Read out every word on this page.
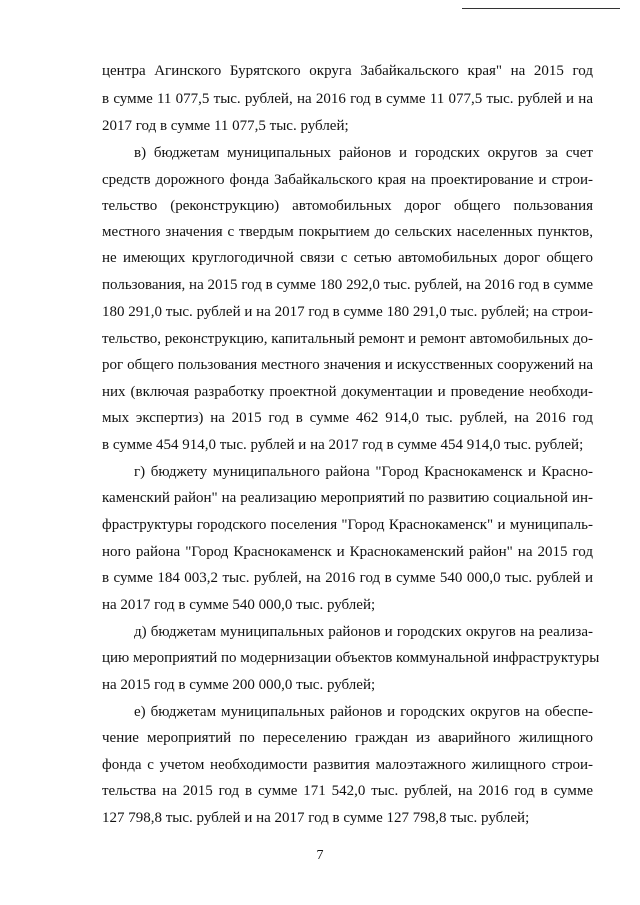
центра Агинского Бурятского округа Забайкальского края" на 2015 год
в сумме 11 077,5 тыс. рублей, на 2016 год в сумме 11 077,5 тыс. рублей и на
2017 год в сумме 11 077,5 тыс. рублей;
в) бюджетам муниципальных районов и городских округов за счет
средств дорожного фонда Забайкальского края на проектирование и строи-
тельство (реконструкцию) автомобильных дорог общего пользования
местного значения с твердым покрытием до сельских населенных пунктов,
не имеющих круглогодичной связи с сетью автомобильных дорог общего
пользования, на 2015 год в сумме 180 292,0 тыс. рублей, на 2016 год в сумме
180 291,0 тыс. рублей и на 2017 год в сумме 180 291,0 тыс. рублей; на строи-
тельство, реконструкцию, капитальный ремонт и ремонт автомобильных до-
рог общего пользования местного значения и искусственных сооружений на
них (включая разработку проектной документации и проведение необходи-
мых экспертиз) на 2015 год в сумме 462 914,0 тыс. рублей, на 2016 год
в сумме 454 914,0 тыс. рублей и на 2017 год в сумме 454 914,0 тыс. рублей;
г) бюджету муниципального района "Город Краснокаменск и Красно-
каменский район" на реализацию мероприятий по развитию социальной ин-
фраструктуры городского поселения "Город Краснокаменск" и муниципаль-
ного района "Город Краснокаменск и Краснокаменский район" на 2015 год
в сумме 184 003,2 тыс. рублей, на 2016 год в сумме 540 000,0 тыс. рублей и
на 2017 год в сумме 540 000,0 тыс. рублей;
д) бюджетам муниципальных районов и городских округов на реализа-
цию мероприятий по модернизации объектов коммунальной инфраструктуры
на 2015 год в сумме 200 000,0 тыс. рублей;
е) бюджетам муниципальных районов и городских округов на обеспе-
чение мероприятий по переселению граждан из аварийного жилищного
фонда с учетом необходимости развития малоэтажного жилищного строи-
тельства на 2015 год в сумме 171 542,0 тыс. рублей, на 2016 год в сумме
127 798,8 тыс. рублей и на 2017 год в сумме 127 798,8 тыс. рублей;
7
